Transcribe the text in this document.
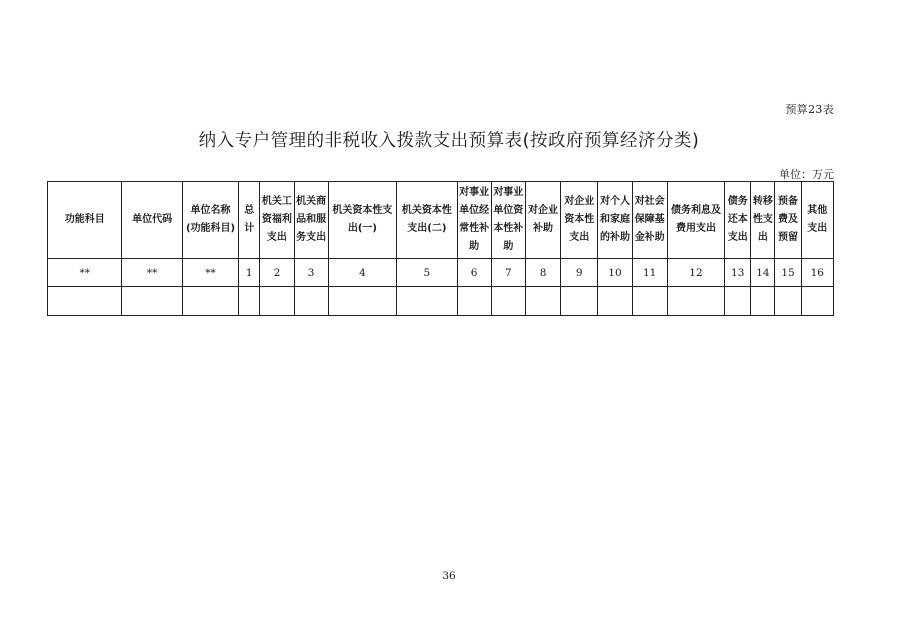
预算23表
纳入专户管理的非税收入拨款支出预算表(按政府预算经济分类)
单位：万元
功能科目	单位代码	单位名称(功能科目)	总 计	机关工资福利支出	机关商品和服务支出	机关资本性支出(一)	机关资本性支出(二)	对事业单位经常性补助	对事业单位资本性补助	对企业补助	对企业资本性支出	对个人和家庭的补助	对社会保障基金补助	债务利息及费用支出	债务还本支出	转移性支出	预备费及预留	其他支出

**	**	**	1	2	3	4	5	6	7	8	9	10	11	12	13	14	15	16

36
